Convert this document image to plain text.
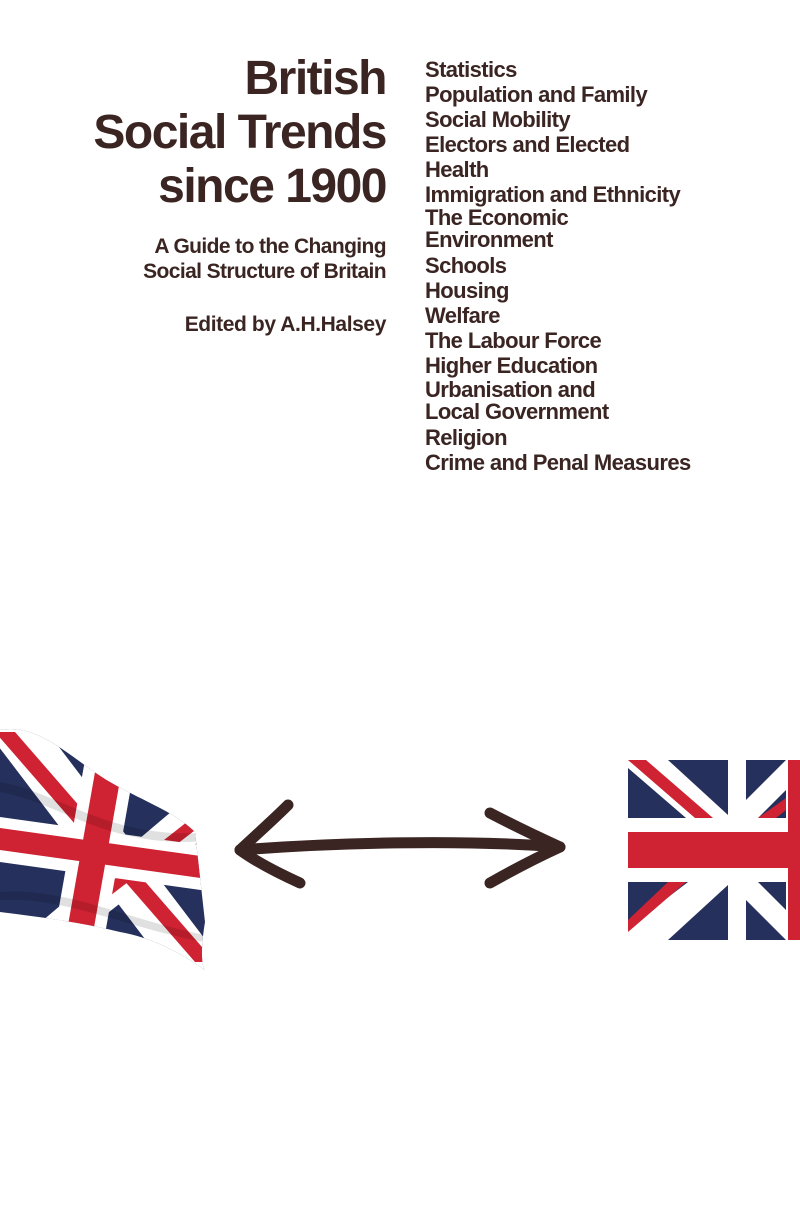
British
Social Trends
since 1900
A Guide to the Changing
Social Structure of Britain
Edited by A.H.Halsey
Statistics
Population and Family
Social Mobility
Electors and Elected
Health
Immigration and Ethnicity
The Economic
Environment
Schools
Housing
Welfare
The Labour Force
Higher Education
Urbanisation and
Local Government
Religion
Crime and Penal Measures
